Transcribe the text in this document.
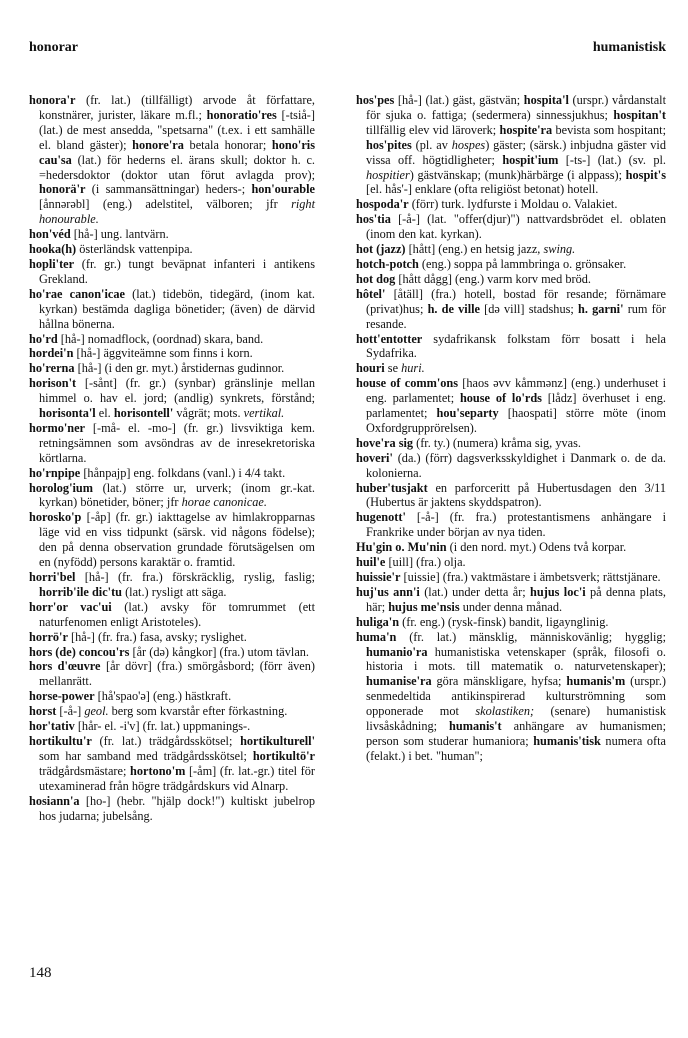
honorar	humanistisk

honora'r (fr. lat.) (tillfälligt) arvode åt författare, konstnärer, jurister, läkare m.fl.; honoratio'res [-tsiå-] (lat.) de mest ansedda, "spetsarna" (t.ex. i ett samhälle el. bland gäster); honore'ra betala honorar; hono'ris cau'sa (lat.) för hederns el. ärans skull; doktor h. c. =hedersdoktor (doktor utan förut avlagda prov); honorä'r (i sammansättningar) heders-; hon'ourable [ånnərəbl] (eng.) adelstitel, välboren; jfr right honourable.

hon'véd [hå-] ung. lantvärn.

hooka(h) österländsk vattenpipa.

hopli'ter (fr. gr.) tungt beväpnat infanteri i antikens Grekland.

ho'rae canon'icae (lat.) tidebön, tidegärd, (inom kat. kyrkan) bestämda dagliga bönetider; (även) de därvid hållna bönerna.

ho'rd [hå-] nomadflock, (oordnad) skara, band.

hordei'n [hå-] äggviteämne som finns i korn.

ho'rerna [hå-] (i den gr. myt.) årstidernas gudinnor.

horison't [-sånt] (fr. gr.) (synbar) gränslinje mellan himmel o. hav el. jord; (andlig) synkrets, förstånd; horisonta'l el. horisontell' vågrät; mots. vertikal.

hormo'ner [-må- el. -mo-] (fr. gr.) livsviktiga kem. retningsämnen som avsöndras av de inresekretoriska körtlarna.

ho'rnpipe [hånpajp] eng. folkdans (vanl.) i 4/4 takt.

horolog'ium (lat.) större ur, urverk; (inom gr.-kat. kyrkan) bönetider, böner; jfr horae canonicae.

horosko'p [-åp] (fr. gr.) iakttagelse av himlakropparnas läge vid en viss tidpunkt (särsk. vid någons födelse); den på denna observation grundade förutsägelsen om en (nyfödd) persons karaktär o. framtid.

horri'bel [hå-] (fr. fra.) förskräcklig, ryslig, faslig; horrib'ile dic'tu (lat.) rysligt att säga.

horr'or vac'ui (lat.) avsky för tomrummet (ett naturfenomen enligt Aristoteles).

horrö'r [hå-] (fr. fra.) fasa, avsky; ryslighet.

hors (de) concou'rs [år (də) kångkor] (fra.) utom tävlan.

hors d'œuvre [år dövr] (fra.) smörgåsbord; (förr även) mellanrätt.

horse-power [hå'spao'ə] (eng.) hästkraft.

horst [-å-] geol. berg som kvarstår efter förkastning.

hor'tativ [hår- el. -i'v] (fr. lat.) uppmanings-.

hortikultu'r (fr. lat.) trädgårdsskötsel; hortikulturell' som har samband med trädgårdsskötsel; hortikultö'r trädgårdsmästare; hortono'm [-åm] (fr. lat.-gr.) titel för utexaminerad från högre trädgårdskurs vid Alnarp.

hosiann'a [ho-] (hebr. "hjälp dock!") kultiskt jubelrop hos judarna; jubelsång.

hos'pes [hå-] (lat.) gäst, gästvän; hospita'l (urspr.) vårdanstalt för sjuka o. fattiga; (sedermera) sinnessjukhus; hospitan't tillfällig elev vid läroverk; hospite'ra bevista som hospitant; hos'pites (pl. av hospes) gäster; (särsk.) inbjudna gäster vid vissa off. högtidligheter; hospit'ium [-ts-] (lat.) (sv. pl. hospitier) gästvänskap; (munk)härbärge (i alppass); hospit's [el. hås'-] enklare (ofta religiöst betonat) hotell.

hospoda'r (förr) turk. lydfurste i Moldau o. Valakiet.

hos'tia [-å-] (lat. "offer(djur)") nattvardsbrödet el. oblaten (inom den kat. kyrkan).

hot (jazz) [hått] (eng.) en hetsig jazz, swing.

hotch-potch (eng.) soppa på lammbringa o. grönsaker.

hot dog [hått dågg] (eng.) varm korv med bröd.

hôtel' [åtäll] (fra.) hotell, bostad för resande; förnämare (privat)hus; h. de ville [də vill] stadshus; h. garni' rum för resande.

hott'entotter sydafrikansk folkstam förr bosatt i hela Sydafrika.

houri se huri.

house of comm'ons [haos əvv kåmmənz] (eng.) underhuset i eng. parlamentet; house of lo'rds [lådz] överhuset i eng. parlamentet; hou'separty [haospati] större möte (inom Oxfordgrupprörelsen).

hove'ra sig (fr. ty.) (numera) kråma sig, yvas.

hoveri' (da.) (förr) dagsverksskyldighet i Danmark o. de da. kolonierna.

huber'tusjakt en parforceritt på Hubertusdagen den 3/11 (Hubertus är jaktens skyddspatron).

hugenott' [-å-] (fr. fra.) protestantismens anhängare i Frankrike under början av nya tiden.

Hu'gin o. Mu'nin (i den nord. myt.) Odens två korpar.

huil'e [uill] (fra.) olja.

huissie'r [uissie] (fra.) vaktmästare i ämbetsverk; rättstjänare.

huj'us ann'i (lat.) under detta år; hujus loc'i på denna plats, här; hujus me'nsis under denna månad.

huliga'n (fr. eng.) (rysk-finsk) bandit, ligaynglinig.

huma'n (fr. lat.) mänsklig, människovänlig; hygglig; humanio'ra humanistiska vetenskaper (språk, filosofi o. historia i mots. till matematik o. naturvetenskaper); humanise'ra göra mänskligare, hyfsa; humanis'm (urspr.) senmedeltida antikinspirerad kulturströmning som opponerade mot skolastiken; (senare) humanistisk livsåskådning; humanis't anhängare av humanismen; person som studerar humaniora; humanis'tisk numera ofta (felakt.) i bet. "human";

148
